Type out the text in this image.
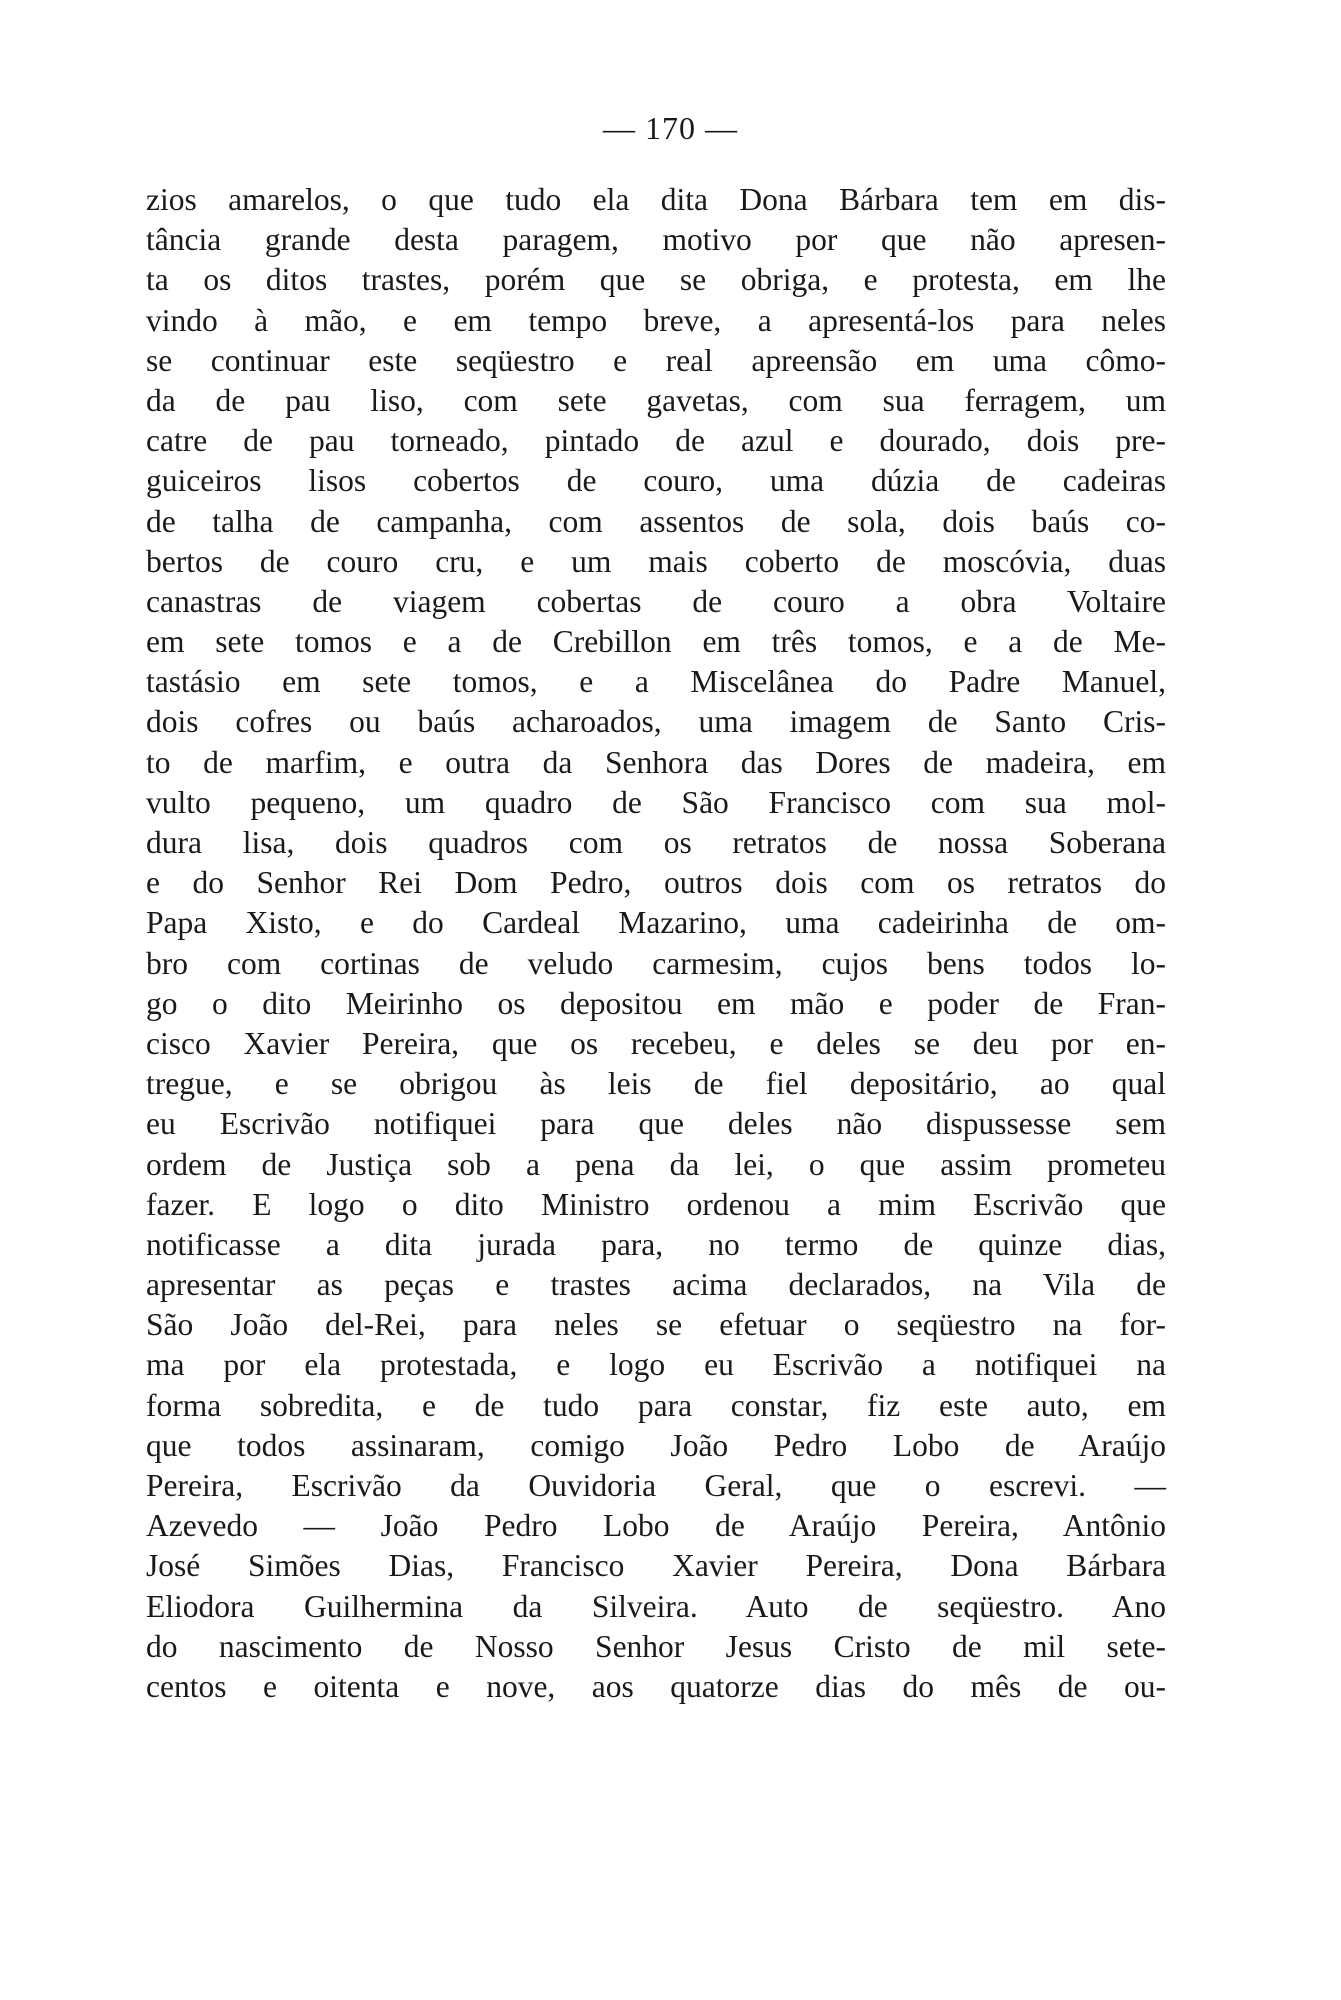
— 170 —
zios amarelos, o que tudo ela dita Dona Bárbara tem em dis-
tância grande desta paragem, motivo por que não apresen-
ta os ditos trastes, porém que se obriga, e protesta, em lhe
vindo à mão, e em tempo breve, a apresentá-los para neles
se continuar este seqüestro e real apreensão em uma cômo-
da de pau liso, com sete gavetas, com sua ferragem, um
catre de pau torneado, pintado de azul e dourado, dois pre-
guiceiros lisos cobertos de couro, uma dúzia de cadeiras
de talha de campanha, com assentos de sola, dois baús co-
bertos de couro cru, e um mais coberto de moscóvia, duas
canastras de viagem cobertas de couro a obra Voltaire
em sete tomos e a de Crebillon em três tomos, e a de Me-
tastásio em sete tomos, e a Miscelânea do Padre Manuel,
dois cofres ou baús acharoados, uma imagem de Santo Cris-
to de marfim, e outra da Senhora das Dores de madeira, em
vulto pequeno, um quadro de São Francisco com sua mol-
dura lisa, dois quadros com os retratos de nossa Soberana
e do Senhor Rei Dom Pedro, outros dois com os retratos do
Papa Xisto, e do Cardeal Mazarino, uma cadeirinha de om-
bro com cortinas de veludo carmesim, cujos bens todos lo-
go o dito Meirinho os depositou em mão e poder de Fran-
cisco Xavier Pereira, que os recebeu, e deles se deu por en-
tregue, e se obrigou às leis de fiel depositário, ao qual
eu Escrivão notifiquei para que deles não dispussesse sem
ordem de Justiça sob a pena da lei, o que assim prometeu
fazer. E logo o dito Ministro ordenou a mim Escrivão que
notificasse a dita jurada para, no termo de quinze dias,
apresentar as peças e trastes acima declarados, na Vila de
São João del-Rei, para neles se efetuar o seqüestro na for-
ma por ela protestada, e logo eu Escrivão a notifiquei na
forma sobredita, e de tudo para constar, fiz este auto, em
que todos assinaram, comigo João Pedro Lobo de Araújo
Pereira, Escrivão da Ouvidoria Geral, que o escrevi. —
Azevedo — João Pedro Lobo de Araújo Pereira, Antônio
José Simões Dias, Francisco Xavier Pereira, Dona Bárbara
Eliodora Guilhermina da Silveira. Auto de seqüestro. Ano
do nascimento de Nosso Senhor Jesus Cristo de mil sete-
centos e oitenta e nove, aos quatorze dias do mês de ou-
